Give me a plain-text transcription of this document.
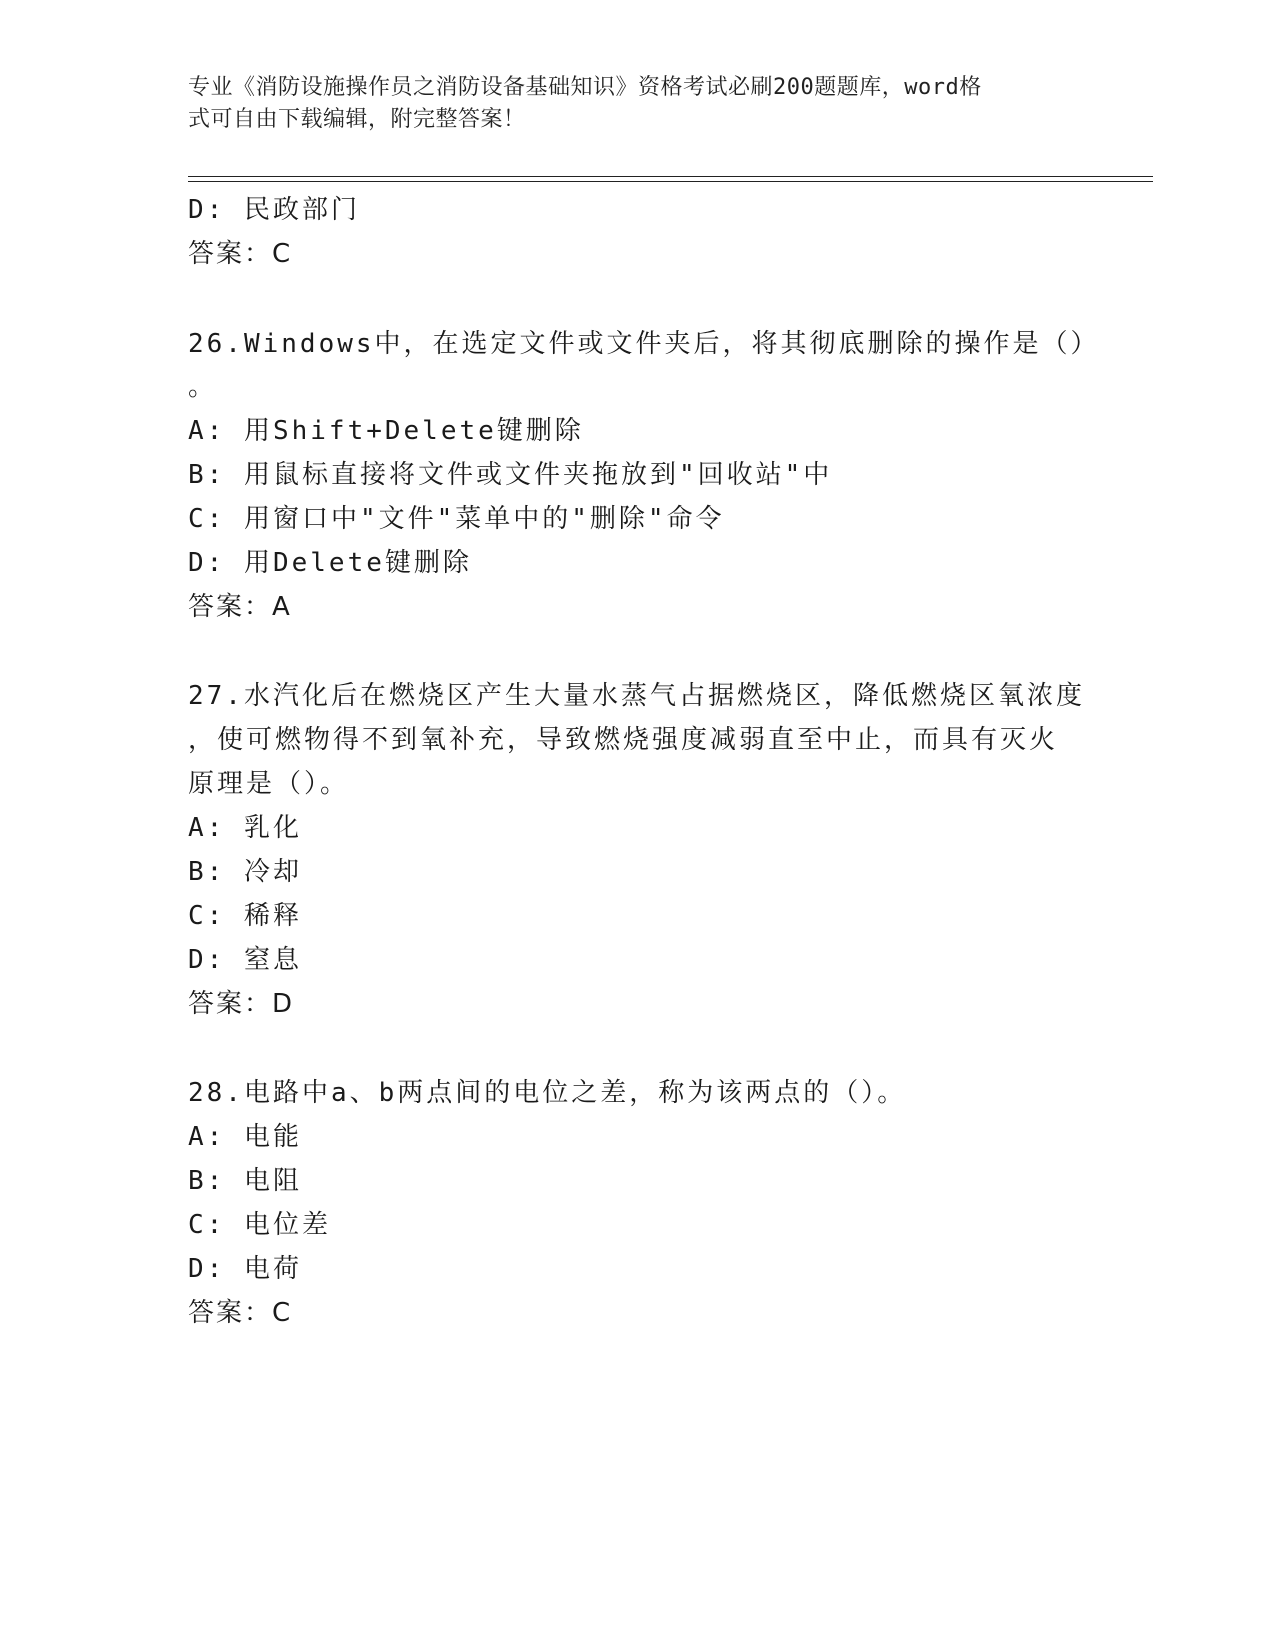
专业《消防设施操作员之消防设备基础知识》资格考试必刷200题题库，word格
式可自由下载编辑，附完整答案！
D: 民政部门
答案：C
26.Windows中，在选定文件或文件夹后，将其彻底删除的操作是（）
。
A: 用Shift+Delete键删除
B: 用鼠标直接将文件或文件夹拖放到"回收站"中
C: 用窗口中"文件"菜单中的"删除"命令
D: 用Delete键删除
答案：A
27.水汽化后在燃烧区产生大量水蒸气占据燃烧区，降低燃烧区氧浓度
，使可燃物得不到氧补充，导致燃烧强度减弱直至中止，而具有灭火
原理是（）。
A: 乳化
B: 冷却
C: 稀释
D: 窒息
答案：D
28.电路中a、b两点间的电位之差，称为该两点的（）。
A: 电能
B: 电阻
C: 电位差
D: 电荷
答案：C
